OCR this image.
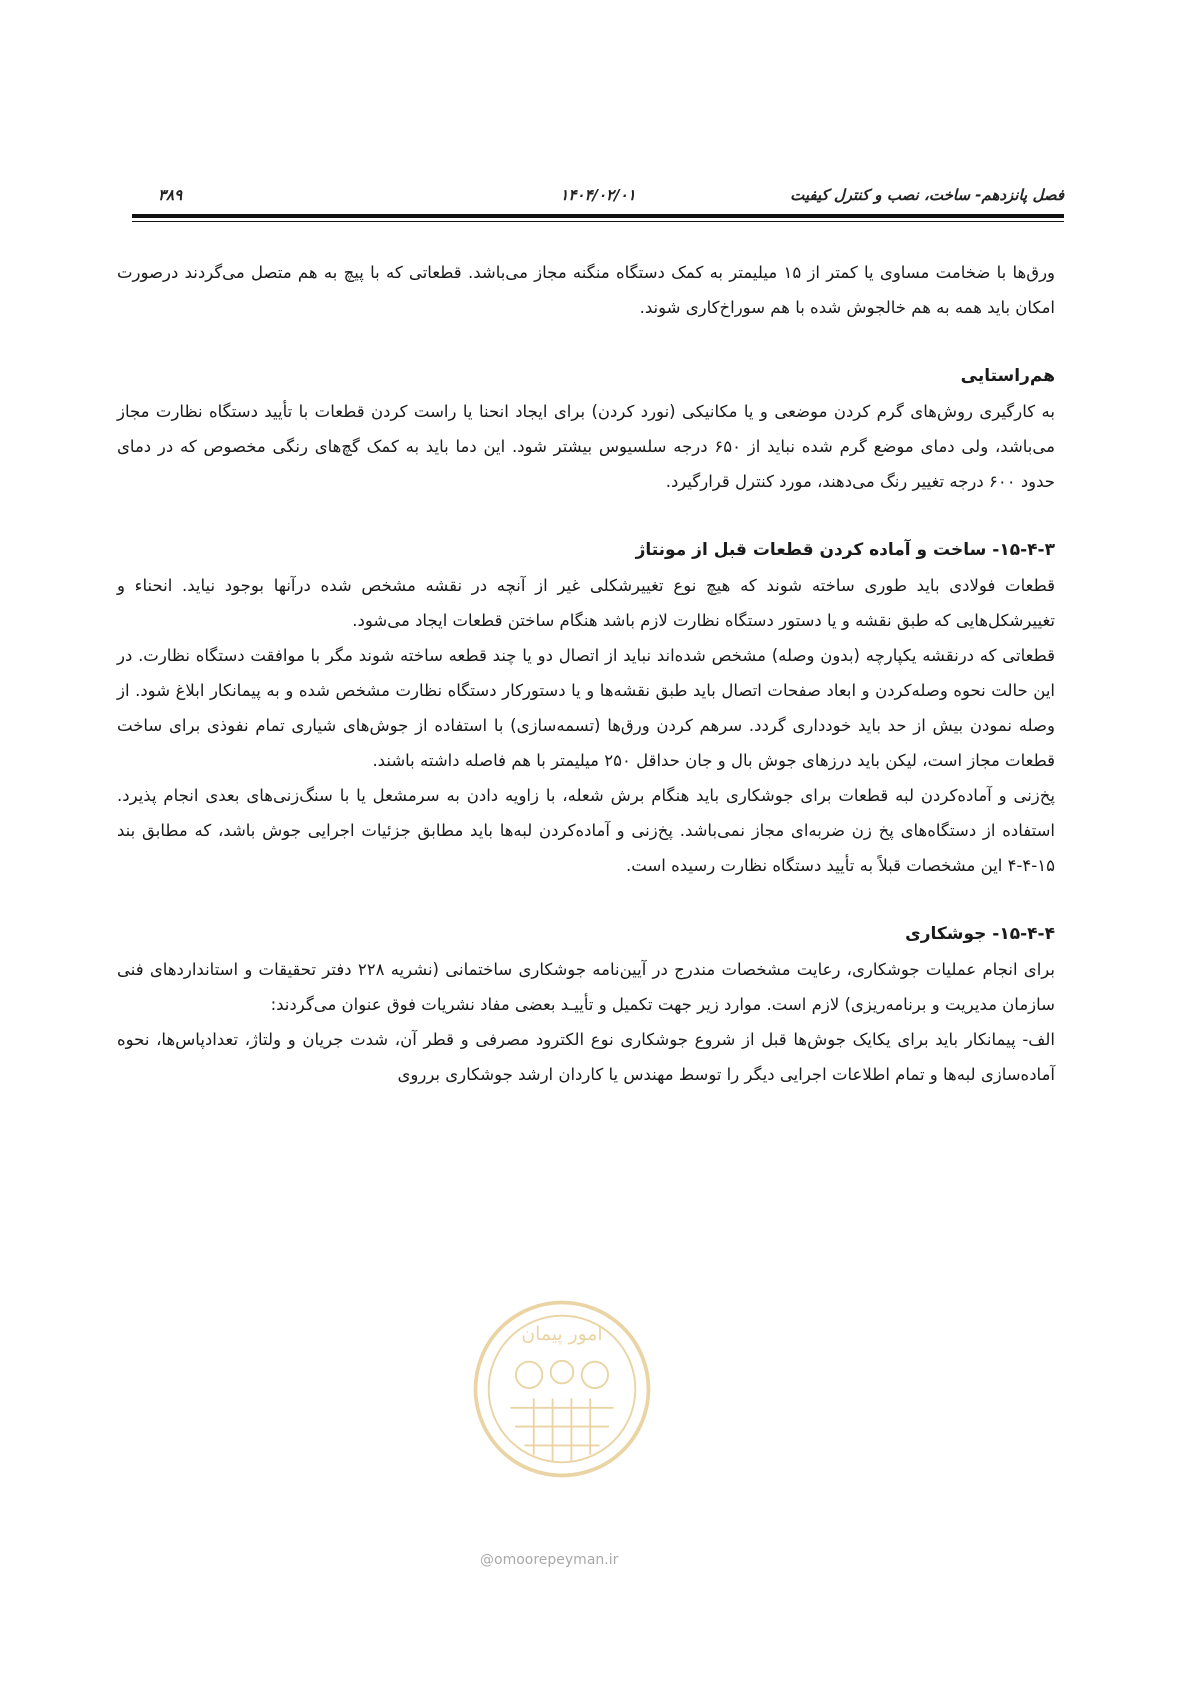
فصل پانزدهم- ساخت، نصب و کنترل کیفیت
۱۴۰۴/۰۲/۰۱
۳۸۹

ورق‌ها با ضخامت مساوی یا کمتر از ۱۵ میلیمتر به کمک دستگاه منگنه مجاز می‌باشد. قطعاتی که با پیچ به هم متصل می‌گردند درصورت امکان باید همه به هم خالجوش شده با هم سوراخ‌کاری شوند.

هم‌راستایی

به کارگیری روش‌های گرم کردن موضعی و یا مکانیکی (نورد کردن) برای ایجاد انحنا یا راست کردن قطعات با تأیید دستگاه نظارت مجاز می‌باشد، ولی دمای موضع گرم شده نباید از ۶۵۰ درجه سلسیوس بیشتر شود. این دما باید به کمک گچ‌های رنگی مخصوص که در دمای حدود ۶۰۰ درجه تغییر رنگ می‌دهند، مورد کنترل قرارگیرد.

۱۵-۴-۳- ساخت و آماده کردن قطعات قبل از مونتاژ

قطعات فولادی باید طوری ساخته شوند که هیچ نوع تغییرشکلی غیر از آنچه در نقشه مشخص شده درآنها بوجود نیاید. انحناء و تغییرشکل‌هایی که طبق نقشه و یا دستور دستگاه نظارت لازم باشد هنگام ساختن قطعات ایجاد می‌شود.

قطعاتی که درنقشه یکپارچه (بدون وصله) مشخص شده‌اند نباید از اتصال دو یا چند قطعه ساخته شوند مگر با موافقت دستگاه نظارت. در این حالت نحوه وصله‌کردن و ابعاد صفحات اتصال باید طبق نقشه‌ها و یا دستورکار دستگاه نظارت مشخص شده و به پیمانکار ابلاغ شود. از وصله نمودن بیش از حد باید خودداری گردد. سرهم کردن ورق‌ها (تسمه‌سازی) با استفاده از جوش‌های شیاری تمام نفوذی برای ساخت قطعات مجاز است، لیکن باید درزهای جوش بال و جان حداقل ۲۵۰ میلیمتر با هم فاصله داشته باشند.

پخ‌زنی و آماده‌کردن لبه قطعات برای جوشکاری باید هنگام برش شعله، با زاویه دادن به سرمشعل یا با سنگ‌زنی‌های بعدی انجام پذیرد. استفاده از دستگاه‌های پخ زن ضربه‌ای مجاز نمی‌باشد. پخ‌زنی و آماده‌کردن لبه‌ها باید مطابق جزئیات اجرایی جوش باشد، که مطابق بند ۱۵-۴-۴ این مشخصات قبلاً به تأیید دستگاه نظارت رسیده است.

۱۵-۴-۴- جوشکاری

برای انجام عملیات جوشکاری، رعایت مشخصات مندرج در آیین‌نامه جوشکاری ساختمانی (نشریه ۲۲۸ دفتر تحقیقات و استانداردهای فنی سازمان مدیریت و برنامه‌ریزی) لازم است. موارد زیر جهت تکمیل و تأییـد بعضی مفاد نشریات فوق عنوان می‌گردند:

الف- پیمانکار باید برای یکایک جوش‌ها قبل از شروع جوشکاری نوع الکترود مصرفی و قطر آن، شدت جریان و ولتاژ، تعدادپاس‌ها، نحوه آماده‌سازی لبه‌ها و تمام اطلاعات اجرایی دیگر را توسط مهندس یا کاردان ارشد جوشکاری برروی

امور پیمان
@omoorepeyman.ir
